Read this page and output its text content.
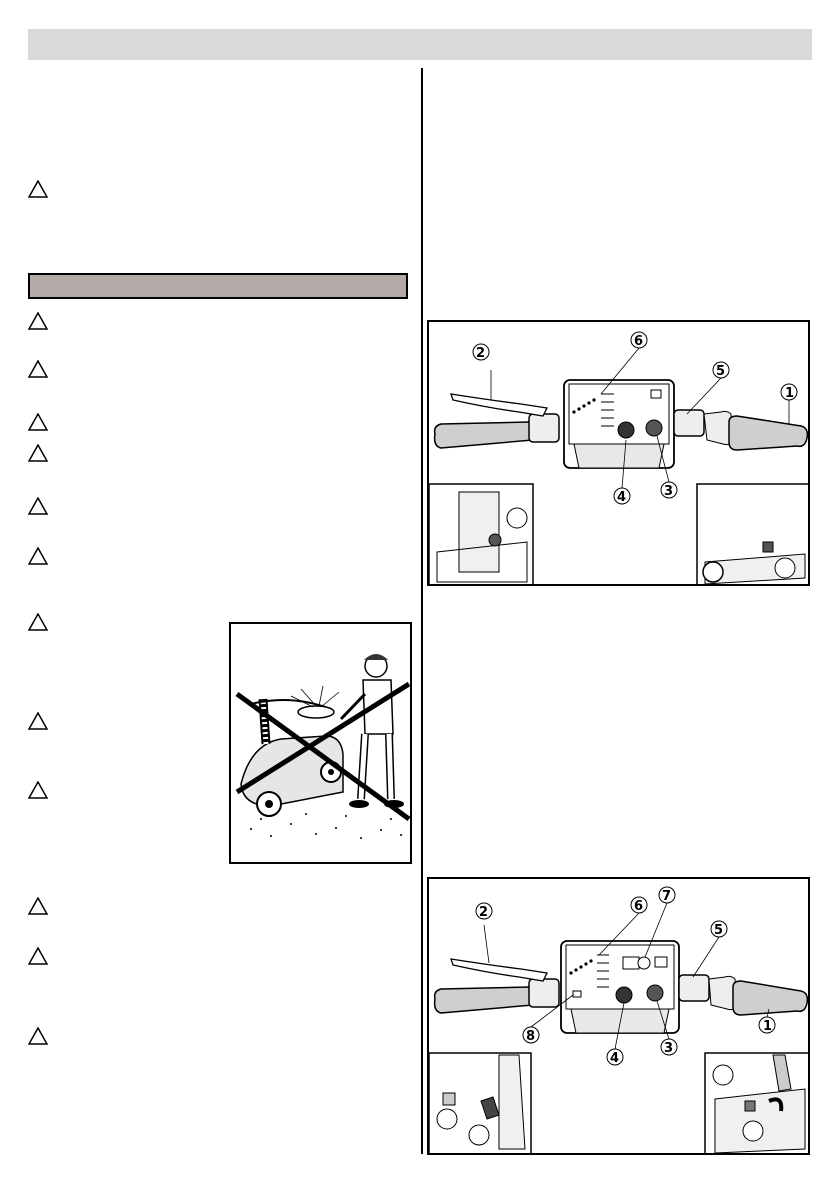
2
6
5
1
4	3
2	6
7
5
1
8
4
3
